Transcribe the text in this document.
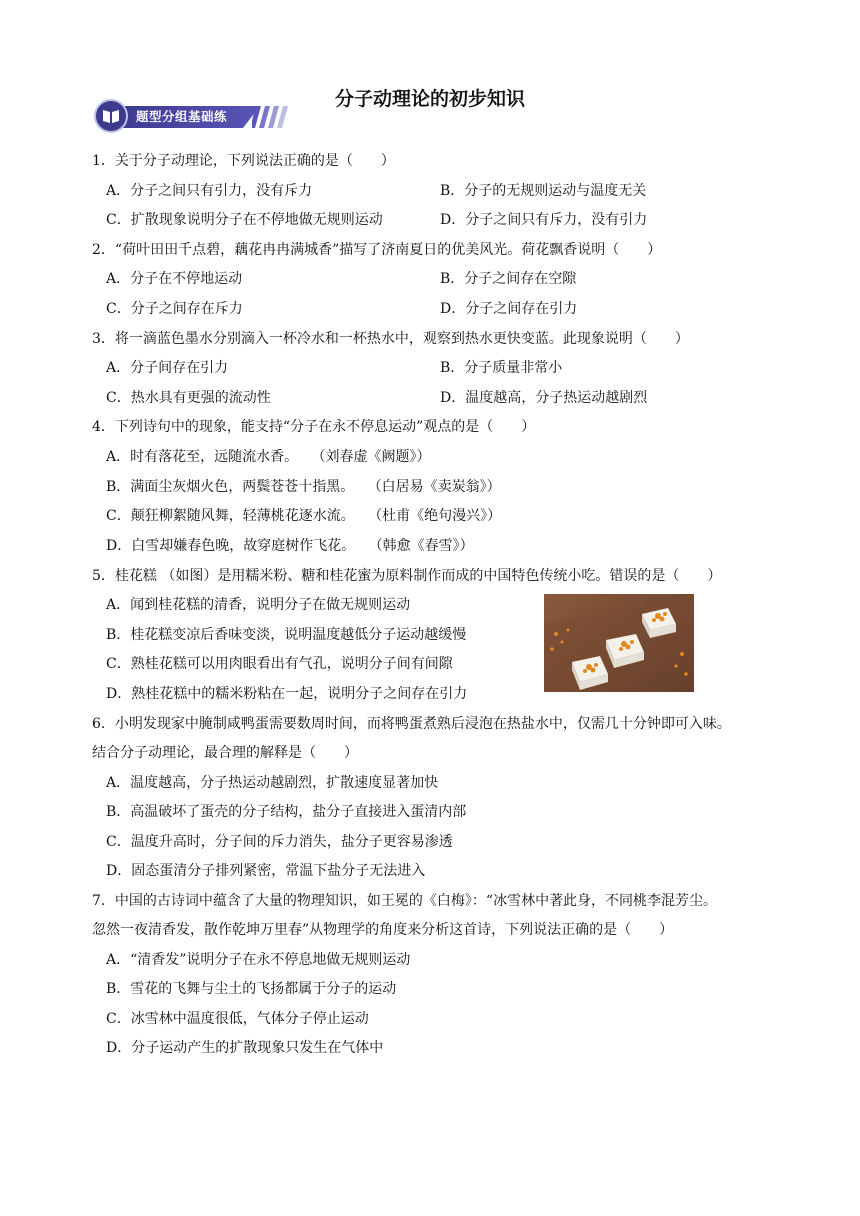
分子动理论的初步知识
题型分组基础练
1．关于分子动理论，下列说法正确的是（　　）
A．分子之间只有引力，没有斥力	B．分子的无规则运动与温度无关
C．扩散现象说明分子在不停地做无规则运动	D．分子之间只有斥力，没有引力
2．“荷叶田田千点碧，藕花冉冉满城香”描写了济南夏日的优美风光。荷花飘香说明（　　）
A．分子在不停地运动	B．分子之间存在空隙
C．分子之间存在斥力	D．分子之间存在引力
3．将一滴蓝色墨水分别滴入一杯冷水和一杯热水中，观察到热水更快变蓝。此现象说明（　　）
A．分子间存在引力	B．分子质量非常小
C．热水具有更强的流动性	D．温度越高，分子热运动越剧烈
4．下列诗句中的现象，能支持“分子在永不停息运动”观点的是（　　）
A．时有落花至，远随流水香。 （刘春虚《阙题》）
B．满面尘灰烟火色，两鬓苍苍十指黑。 （白居易《卖炭翁》）
C．颠狂柳絮随风舞，轻薄桃花逐水流。 （杜甫《绝句漫兴》）
D．白雪却嫌春色晚，故穿庭树作飞花。 （韩愈《春雪》）
5．桂花糕 （如图）是用糯米粉、糖和桂花蜜为原料制作而成的中国特色传统小吃。错误的是（　　）
A．闻到桂花糕的清香，说明分子在做无规则运动
B．桂花糕变凉后香味变淡，说明温度越低分子运动越缓慢
C．熟桂花糕可以用肉眼看出有气孔，说明分子间有间隙
D．熟桂花糕中的糯米粉粘在一起，说明分子之间存在引力
6．小明发现家中腌制咸鸭蛋需要数周时间，而将鸭蛋煮熟后浸泡在热盐水中，仅需几十分钟即可入味。
结合分子动理论，最合理的解释是（　　）
A．温度越高，分子热运动越剧烈，扩散速度显著加快
B．高温破坏了蛋壳的分子结构，盐分子直接进入蛋清内部
C．温度升高时，分子间的斥力消失，盐分子更容易渗透
D．固态蛋清分子排列紧密，常温下盐分子无法进入
7．中国的古诗词中蕴含了大量的物理知识，如王冕的《白梅》：“冰雪林中著此身，不同桃李混芳尘。
忽然一夜清香发，散作乾坤万里春”从物理学的角度来分析这首诗，下列说法正确的是（　　）
A．“清香发”说明分子在永不停息地做无规则运动
B．雪花的飞舞与尘土的飞扬都属于分子的运动
C．冰雪林中温度很低，气体分子停止运动
D．分子运动产生的扩散现象只发生在气体中
